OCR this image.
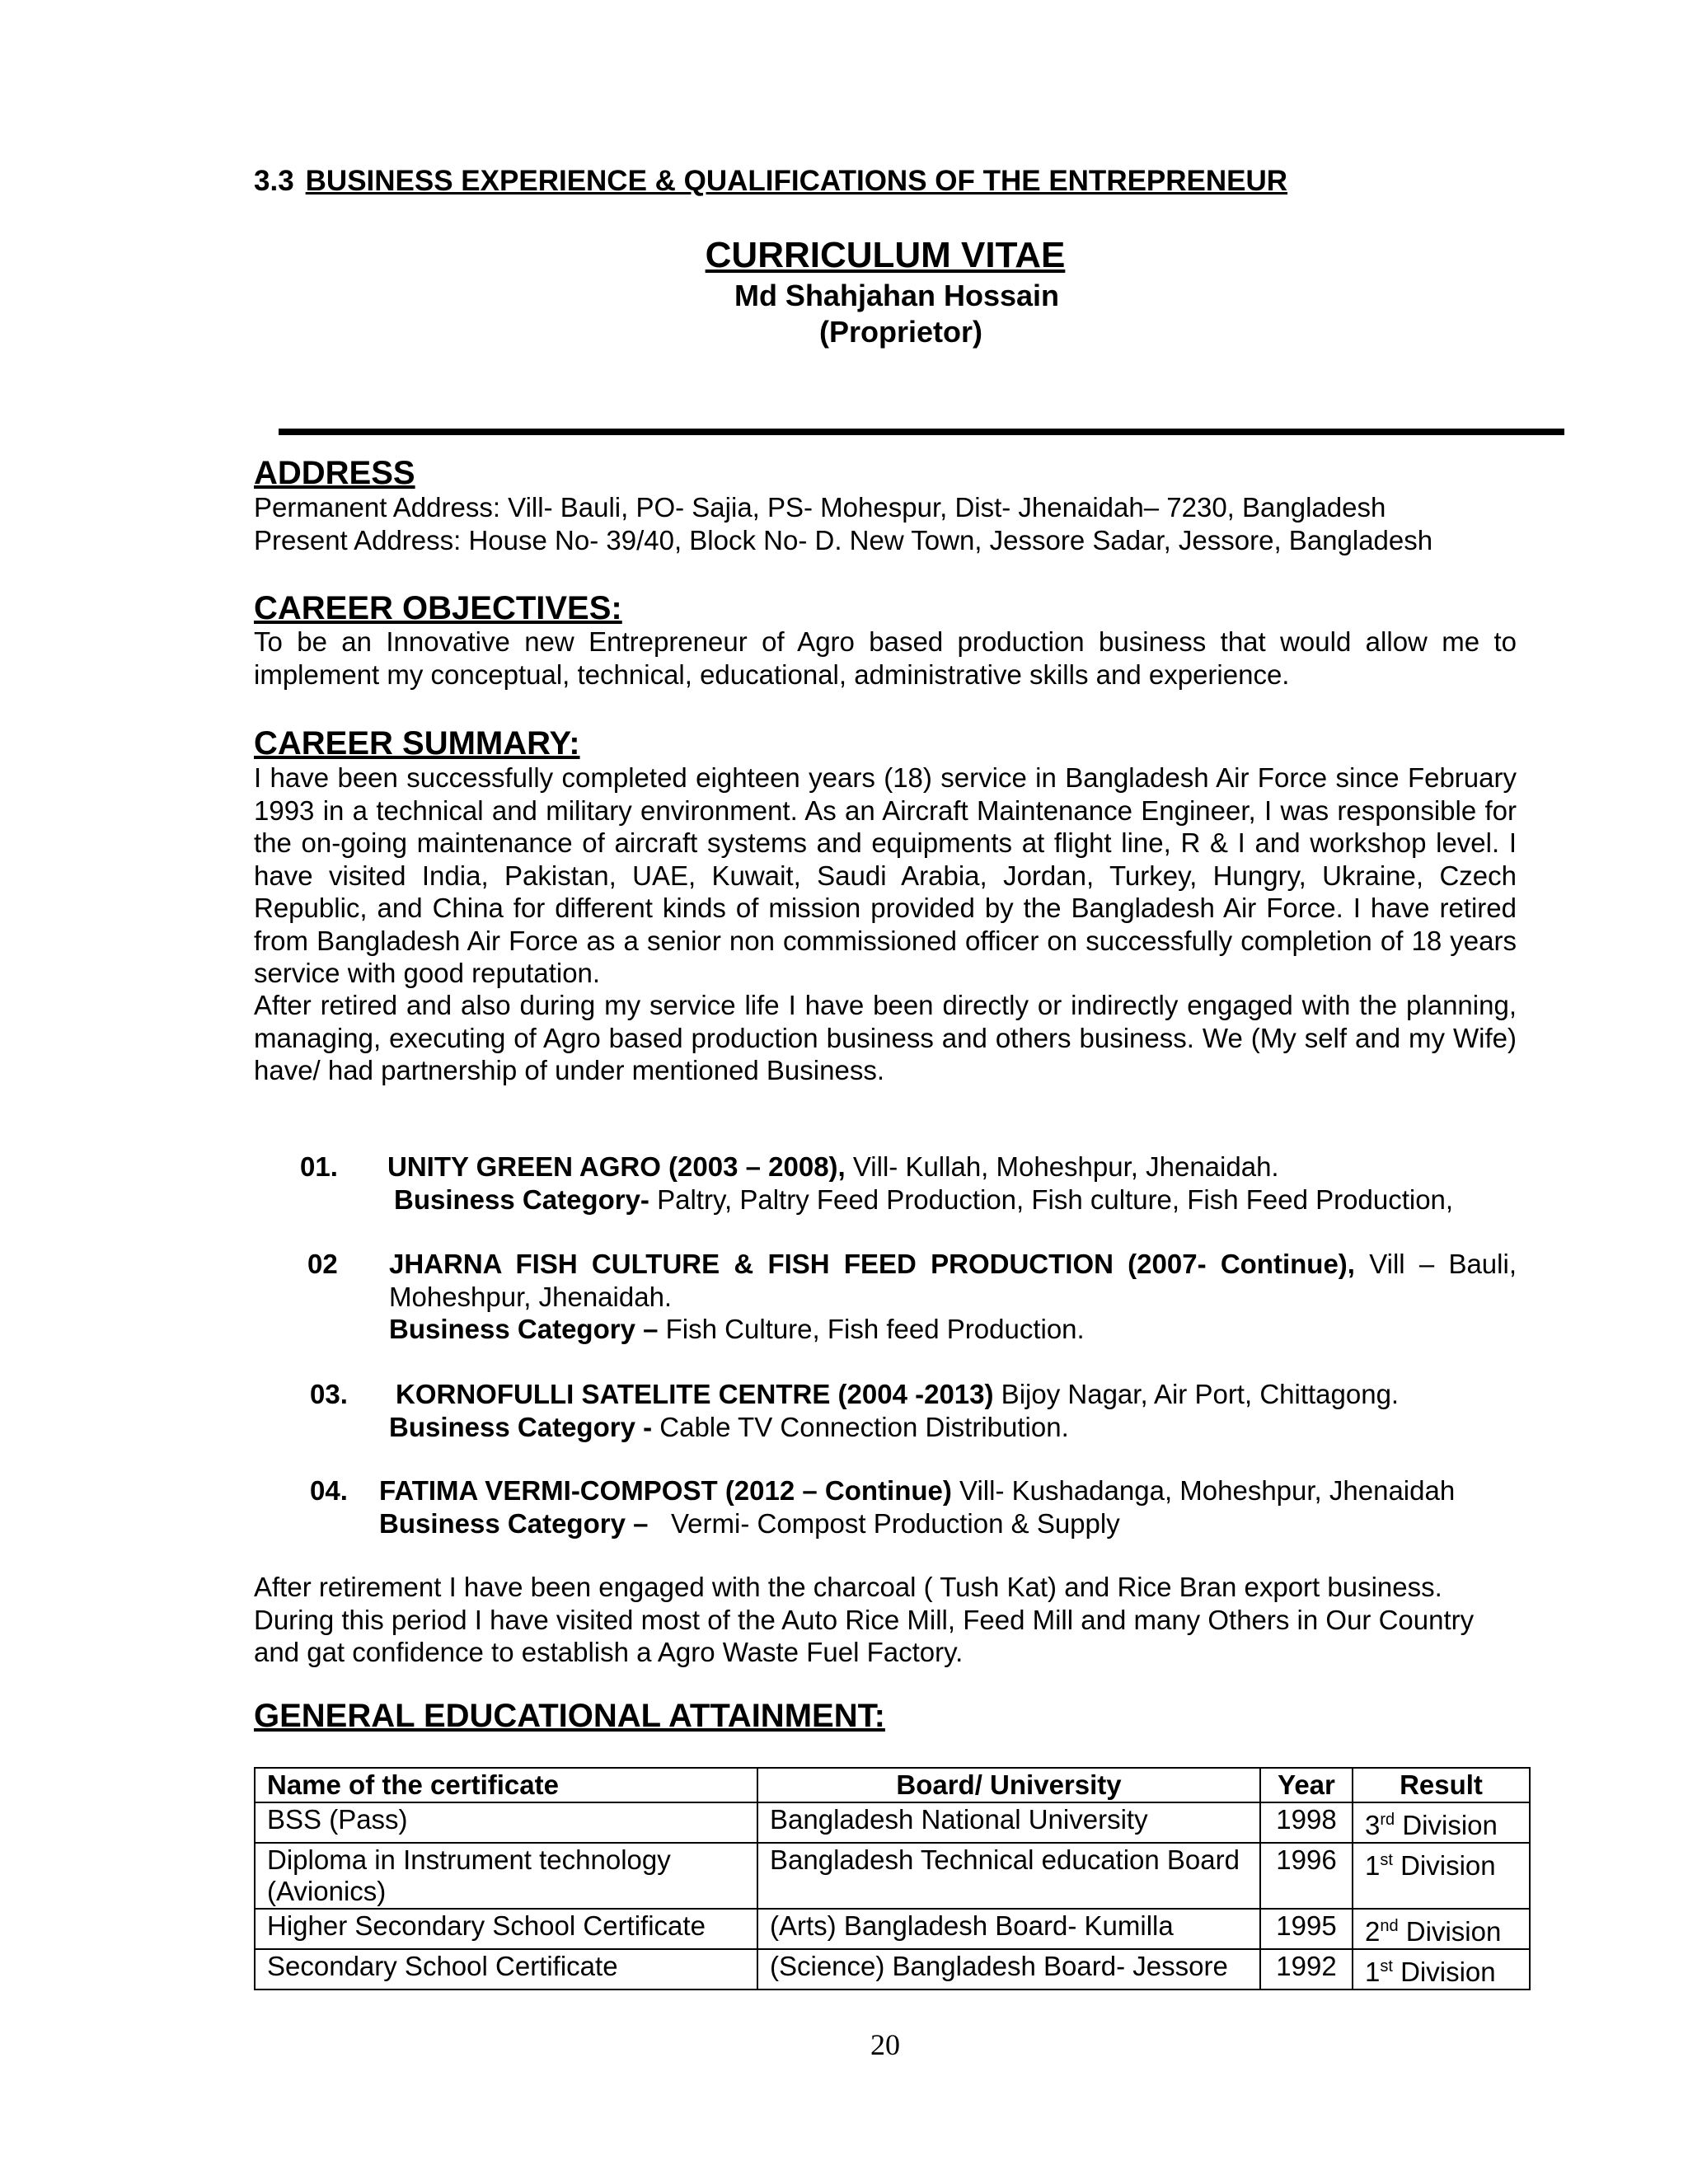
3.3 BUSINESS EXPERIENCE & QUALIFICATIONS OF THE ENTREPRENEUR
CURRICULUM VITAE
Md Shahjahan Hossain
(Proprietor)
ADDRESS
Permanent Address: Vill- Bauli, PO- Sajia, PS- Mohespur, Dist- Jhenaidah– 7230, Bangladesh
Present Address: House No- 39/40, Block No- D. New Town, Jessore Sadar, Jessore, Bangladesh
CAREER OBJECTIVES:
To be an Innovative new Entrepreneur of Agro based production business that would allow me to implement my conceptual, technical, educational, administrative skills and experience.
CAREER SUMMARY:
I have been successfully completed eighteen years (18) service in Bangladesh Air Force since February 1993 in a technical and military environment. As an Aircraft Maintenance Engineer, I was responsible for the on-going maintenance of aircraft systems and equipments at flight line, R & I and workshop level. I have visited India, Pakistan, UAE, Kuwait, Saudi Arabia, Jordan, Turkey, Hungry, Ukraine, Czech Republic, and China for different kinds of mission provided by the Bangladesh Air Force. I have retired from Bangladesh Air Force as a senior non commissioned officer on successfully completion of 18 years service with good reputation.
After retired and also during my service life I have been directly or indirectly engaged with the planning, managing, executing of Agro based production business and others business. We (My self and my Wife) have/ had partnership of under mentioned Business.
01. UNITY GREEN AGRO (2003 – 2008), Vill- Kullah, Moheshpur, Jhenaidah.
Business Category- Paltry, Paltry Feed Production, Fish culture, Fish Feed Production,
02 JHARNA FISH CULTURE & FISH FEED PRODUCTION (2007- Continue), Vill – Bauli, Moheshpur, Jhenaidah.
Business Category – Fish Culture, Fish feed Production.
03. KORNOFULLI SATELITE CENTRE (2004 -2013) Bijoy Nagar, Air Port, Chittagong.
Business Category - Cable TV Connection Distribution.
04. FATIMA VERMI-COMPOST (2012 – Continue) Vill- Kushadanga, Moheshpur, Jhenaidah
Business Category –   Vermi- Compost Production & Supply
After retirement I have been engaged with the charcoal ( Tush Kat) and Rice Bran export business.
During this period I have visited most of the Auto Rice Mill, Feed Mill and many Others in Our Country
and gat confidence to establish a Agro Waste Fuel Factory.
GENERAL EDUCATIONAL ATTAINMENT:
Name of the certificate	Board/ University	Year	Result
BSS (Pass)	Bangladesh National University	1998	3rd Division
Diploma in Instrument technology (Avionics)	Bangladesh Technical education Board	1996	1st Division
Higher Secondary School Certificate	(Arts) Bangladesh Board- Kumilla	1995	2nd Division
Secondary School Certificate	(Science) Bangladesh Board- Jessore	1992	1st Division
20
